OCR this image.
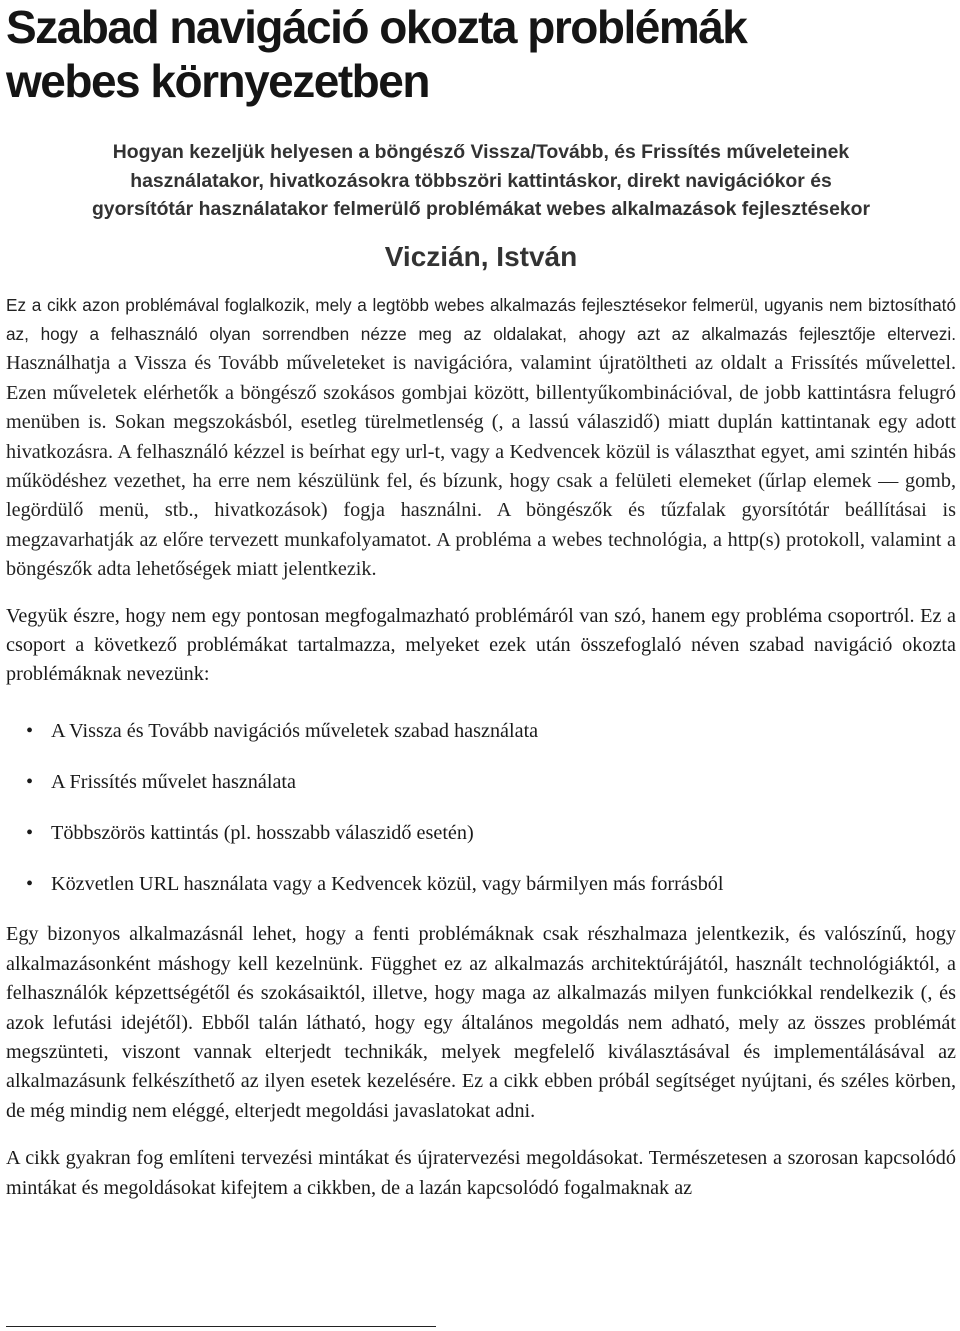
Szabad navigáció okozta problémák
webes környezetben
Hogyan kezeljük helyesen a böngésző Vissza/Tovább, és Frissítés műveleteinek
használatakor, hivatkozásokra többszöri kattintáskor, direkt navigációkor és
gyorsítótár használatakor felmerülő problémákat webes alkalmazások fejlesztésekor
Viczián, István

Ez a cikk azon problémával foglalkozik, mely a legtöbb webes alkalmazás fejlesztésekor felmerül, ugyanis nem biztosítható az, hogy a felhasználó olyan sorrendben nézze meg az oldalakat, ahogy azt az alkalmazás fejlesztője eltervezi. Használhatja a Vissza és Tovább műveleteket is navigációra, valamint újratöltheti az oldalt a Frissítés művelettel. Ezen műveletek elérhetők a böngésző szokásos gombjai között, billentyűkombinációval, de jobb kattintásra felugró menüben is. Sokan megszokásból, esetleg türelmetlenség (, a lassú válaszidő) miatt duplán kattintanak egy adott hivatkozásra. A felhasználó kézzel is beírhat egy url-t, vagy a Kedvencek közül is választhat egyet, ami szintén hibás működéshez vezethet, ha erre nem készülünk fel, és bízunk, hogy csak a felületi elemeket (űrlap elemek — gomb, legördülő menü, stb., hivatkozások) fogja használni. A böngészők és tűzfalak gyorsítótár beállításai is megzavarhatják az előre tervezett munkafolyamatot. A probléma a webes technológia, a http(s) protokoll, valamint a böngészők adta lehetőségek miatt jelentkezik.

Vegyük észre, hogy nem egy pontosan megfogalmazható problémáról van szó, hanem egy probléma csoportról. Ez a csoport a következő problémákat tartalmazza, melyeket ezek után összefoglaló néven szabad navigáció okozta problémáknak nevezünk:

• A Vissza és Tovább navigációs műveletek szabad használata
• A Frissítés művelet használata
• Többszörös kattintás (pl. hosszabb válaszidő esetén)
• Közvetlen URL használata vagy a Kedvencek közül, vagy bármilyen más forrásból

Egy bizonyos alkalmazásnál lehet, hogy a fenti problémáknak csak részhalmaza jelentkezik, és valószínű, hogy alkalmazásonként máshogy kell kezelnünk. Függhet ez az alkalmazás architektúrájától, használt technológiáktól, a felhasználók képzettségétől és szokásaiktól, illetve, hogy maga az alkalmazás milyen funkciókkal rendelkezik (, és azok lefutási idejétől). Ebből talán látható, hogy egy általános megoldás nem adható, mely az összes problémát megszünteti, viszont vannak elterjedt technikák, melyek megfelelő kiválasztásával és implementálásával az alkalmazásunk felkészíthető az ilyen esetek kezelésére. Ez a cikk ebben próbál segítséget nyújtani, és széles körben, de még mindig nem eléggé, elterjedt megoldási javaslatokat adni.

A cikk gyakran fog említeni tervezési mintákat és újratervezési megoldásokat. Természetesen a szorosan kapcsolódó mintákat és megoldásokat kifejtem a cikkben, de a lazán kapcsolódó fogalmaknak az
